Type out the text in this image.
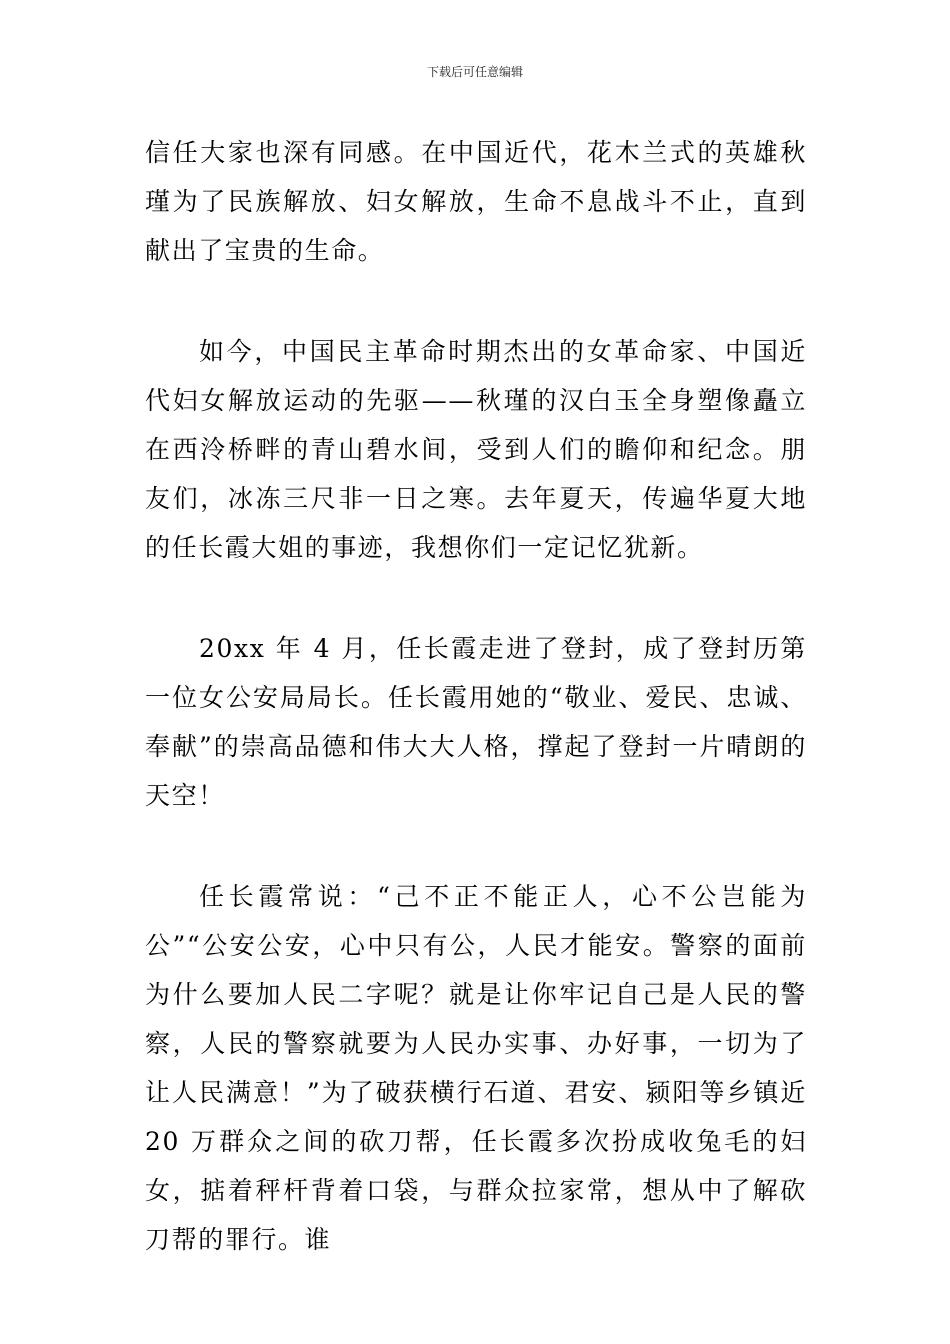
下载后可任意编辑

信任大家也深有同感。在中国近代，花木兰式的英雄秋瑾为了民族解放、妇女解放，生命不息战斗不止，直到献出了宝贵的生命。

如今，中国民主革命时期杰出的女革命家、中国近代妇女解放运动的先驱——秋瑾的汉白玉全身塑像矗立在西泠桥畔的青山碧水间，受到人们的瞻仰和纪念。朋友们，冰冻三尺非一日之寒。去年夏天，传遍华夏大地的任长霞大姐的事迹，我想你们一定记忆犹新。

20xx 年 4 月，任长霞走进了登封，成了登封历第一位女公安局局长。任长霞用她的“敬业、爱民、忠诚、奉献”的崇高品德和伟大大人格，撑起了登封一片晴朗的天空！

任长霞常说：“己不正不能正人，心不公岂能为公”“公安公安，心中只有公，人民才能安。警察的面前为什么要加人民二字呢？就是让你牢记自己是人民的警察，人民的警察就要为人民办实事、办好事，一切为了让人民满意！”为了破获横行石道、君安、颍阳等乡镇近 20 万群众之间的砍刀帮，任长霞多次扮成收兔毛的妇女，掂着秤杆背着口袋，与群众拉家常，想从中了解砍刀帮的罪行。谁
